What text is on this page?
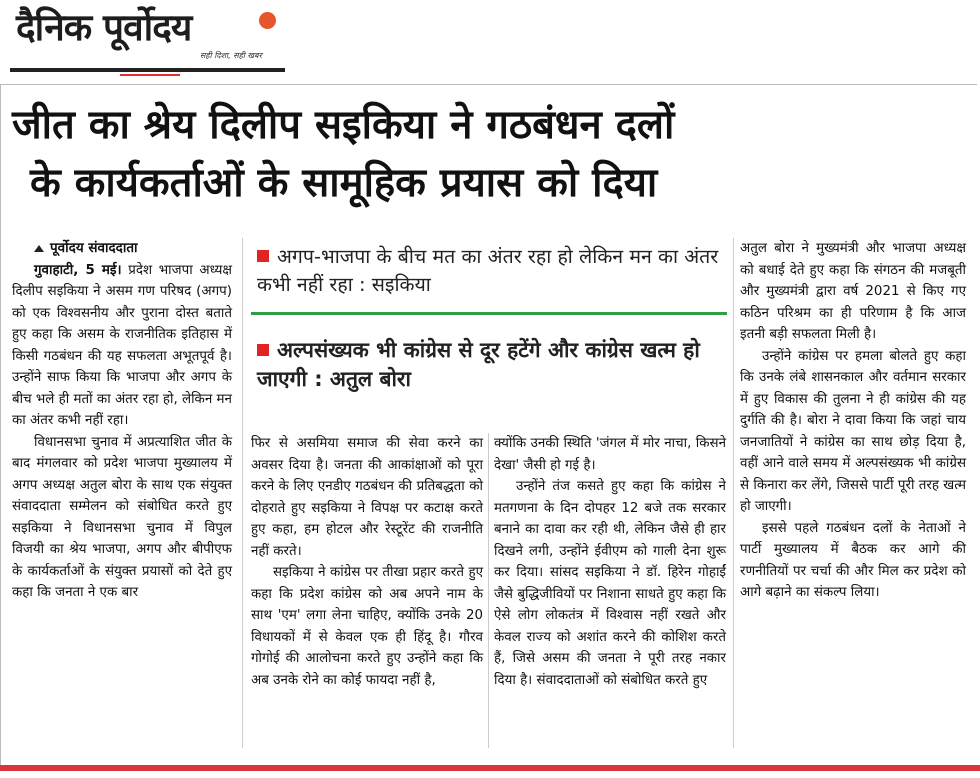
दैनिक पूर्वोदय
सही दिशा, सही खबर
जीत का श्रेय दिलीप सइकिया ने गठबंधन दलों
के कार्यकर्ताओं के सामूहिक प्रयास को दिया

पूर्वोदय संवाददाता

गुवाहाटी, 5 मई। प्रदेश भाजपा अध्यक्ष दिलीप सइकिया ने असम गण परिषद (अगप) को एक विश्वसनीय और पुराना दोस्त बताते हुए कहा कि असम के राजनीतिक इतिहास में किसी गठबंधन की यह सफलता अभूतपूर्व है। उन्होंने साफ किया कि भाजपा और अगप के बीच भले ही मतों का अंतर रहा हो, लेकिन मन का अंतर कभी नहीं रहा।

विधानसभा चुनाव में अप्रत्याशित जीत के बाद मंगलवार को प्रदेश भाजपा मुख्यालय में अगप अध्यक्ष अतुल बोरा के साथ एक संयुक्त संवाददाता सम्मेलन को संबोधित करते हुए सइकिया ने विधानसभा चुनाव में विपुल विजयी का श्रेय भाजपा, अगप और बीपीएफ के कार्यकर्ताओं के संयुक्त प्रयासों को देते हुए कहा कि जनता ने एक बार

अगप-भाजपा के बीच मत का अंतर रहा हो लेकिन मन का अंतर कभी नहीं रहा : सइकिया
अल्पसंख्यक भी कांग्रेस से दूर हटेंगे और कांग्रेस खत्म हो जाएगी : अतुल बोरा

फिर से असमिया समाज की सेवा करने का अवसर दिया है। जनता की आकांक्षाओं को पूरा करने के लिए एनडीए गठबंधन की प्रतिबद्धता को दोहराते हुए सइकिया ने विपक्ष पर कटाक्ष करते हुए कहा, हम होटल और रेस्टूरेंट की राजनीति नहीं करते।

सइकिया ने कांग्रेस पर तीखा प्रहार करते हुए कहा कि प्रदेश कांग्रेस को अब अपने नाम के साथ 'एम' लगा लेना चाहिए, क्योंकि उनके 20 विधायकों में से केवल एक ही हिंदू है। गौरव गोगोई की आलोचना करते हुए उन्होंने कहा कि अब उनके रोने का कोई फायदा नहीं है,

क्योंकि उनकी स्थिति 'जंगल में मोर नाचा, किसने देखा' जैसी हो गई है।

उन्होंने तंज कसते हुए कहा कि कांग्रेस ने मतगणना के दिन दोपहर 12 बजे तक सरकार बनाने का दावा कर रही थी, लेकिन जैसे ही हार दिखने लगी, उन्होंने ईवीएम को गाली देना शुरू कर दिया। सांसद सइकिया ने डॉ. हिरेन गोहाईं जैसे बुद्धिजीवियों पर निशाना साधते हुए कहा कि ऐसे लोग लोकतंत्र में विश्वास नहीं रखते और केवल राज्य को अशांत करने की कोशिश करते हैं, जिसे असम की जनता ने पूरी तरह नकार दिया है। संवाददाताओं को संबोधित करते हुए

अतुल बोरा ने मुख्यमंत्री और भाजपा अध्यक्ष को बधाई देते हुए कहा कि संगठन की मजबूती और मुख्यमंत्री द्वारा वर्ष 2021 से किए गए कठिन परिश्रम का ही परिणाम है कि आज इतनी बड़ी सफलता मिली है।

उन्होंने कांग्रेस पर हमला बोलते हुए कहा कि उनके लंबे शासनकाल और वर्तमान सरकार में हुए विकास की तुलना ने ही कांग्रेस की यह दुर्गति की है। बोरा ने दावा किया कि जहां चाय जनजातियों ने कांग्रेस का साथ छोड़ दिया है, वहीं आने वाले समय में अल्पसंख्यक भी कांग्रेस से किनारा कर लेंगे, जिससे पार्टी पूरी तरह खत्म हो जाएगी।

इससे पहले गठबंधन दलों के नेताओं ने पार्टी मुख्यालय में बैठक कर आगे की रणनीतियों पर चर्चा की और मिल कर प्रदेश को आगे बढ़ाने का संकल्प लिया।
